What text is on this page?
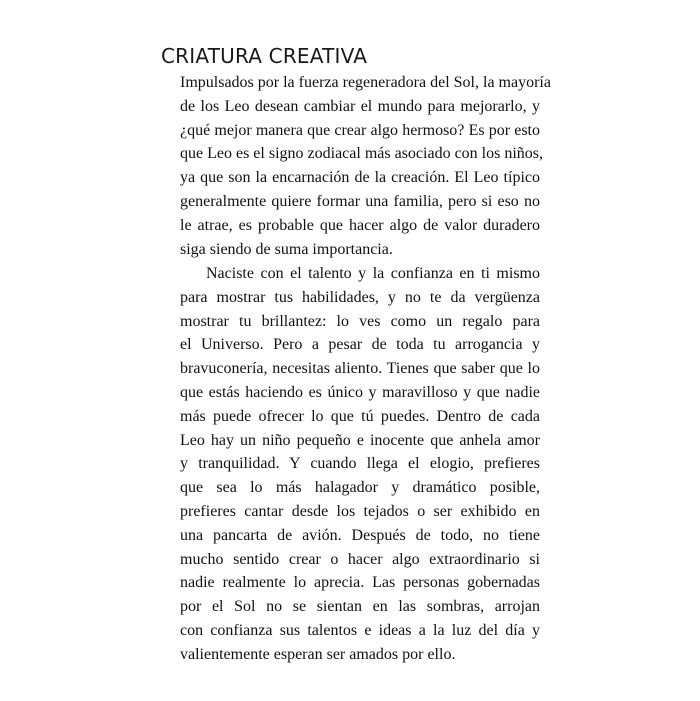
CRIATURA CREATIVA
Impulsados por la fuerza regeneradora del Sol, la mayoría
de los Leo desean cambiar el mundo para mejorarlo, y
¿qué mejor manera que crear algo hermoso? Es por esto
que Leo es el signo zodiacal más asociado con los niños,
ya que son la encarnación de la creación. El Leo típico
generalmente quiere formar una familia, pero si eso no
le atrae, es probable que hacer algo de valor duradero
siga siendo de suma importancia.
Naciste con el talento y la confianza en ti mismo
para mostrar tus habilidades, y no te da vergüenza
mostrar tu brillantez: lo ves como un regalo para
el Universo. Pero a pesar de toda tu arrogancia y
bravuconería, necesitas aliento. Tienes que saber que lo
que estás haciendo es único y maravilloso y que nadie
más puede ofrecer lo que tú puedes. Dentro de cada
Leo hay un niño pequeño e inocente que anhela amor
y tranquilidad. Y cuando llega el elogio, prefieres
que sea lo más halagador y dramático posible,
prefieres cantar desde los tejados o ser exhibido en
una pancarta de avión. Después de todo, no tiene
mucho sentido crear o hacer algo extraordinario si
nadie realmente lo aprecia. Las personas gobernadas
por el Sol no se sientan en las sombras, arrojan
con confianza sus talentos e ideas a la luz del día y
valientemente esperan ser amados por ello.
